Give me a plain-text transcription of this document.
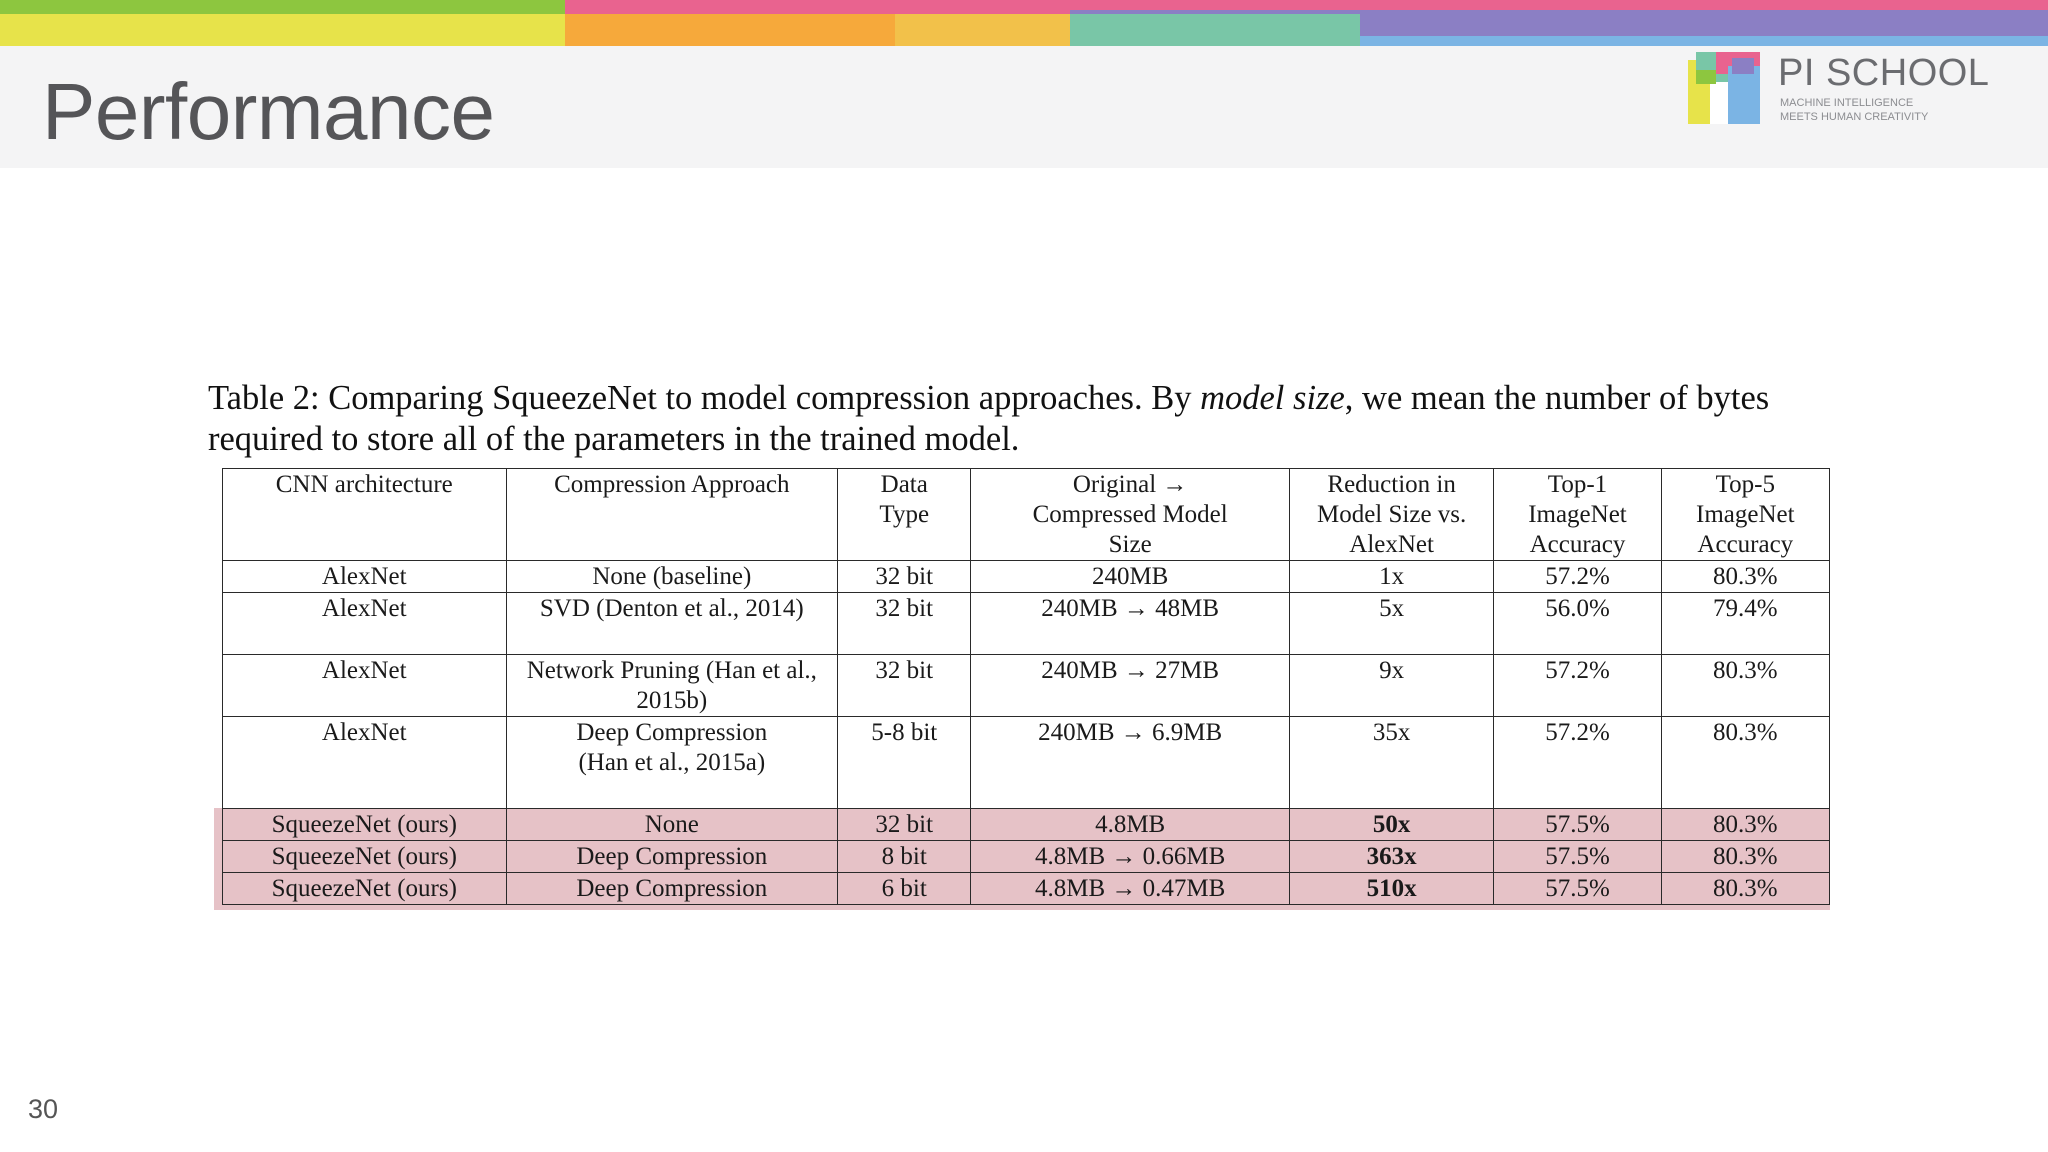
Performance	PI SCHOOL
MACHINE INTELLIGENCE
MEETS HUMAN CREATIVITY
Table 2: Comparing SqueezeNet to model compression approaches. By model size, we mean the number of bytes required to store all of the parameters in the trained model.
CNN architecture	Compression Approach	Data Type	Original → Compressed Model Size	Reduction in Model Size vs. AlexNet	Top-1 ImageNet Accuracy	Top-5 ImageNet Accuracy
AlexNet	None (baseline)	32 bit	240MB	1x	57.2%	80.3%
AlexNet	SVD (Denton et al., 2014)	32 bit	240MB → 48MB	5x	56.0%	79.4%
AlexNet	Network Pruning (Han et al., 2015b)	32 bit	240MB → 27MB	9x	57.2%	80.3%
AlexNet	Deep Compression (Han et al., 2015a)	5-8 bit	240MB → 6.9MB	35x	57.2%	80.3%
SqueezeNet (ours)	None	32 bit	4.8MB	50x	57.5%	80.3%
SqueezeNet (ours)	Deep Compression	8 bit	4.8MB → 0.66MB	363x	57.5%	80.3%
SqueezeNet (ours)	Deep Compression	6 bit	4.8MB → 0.47MB	510x	57.5%	80.3%
30
